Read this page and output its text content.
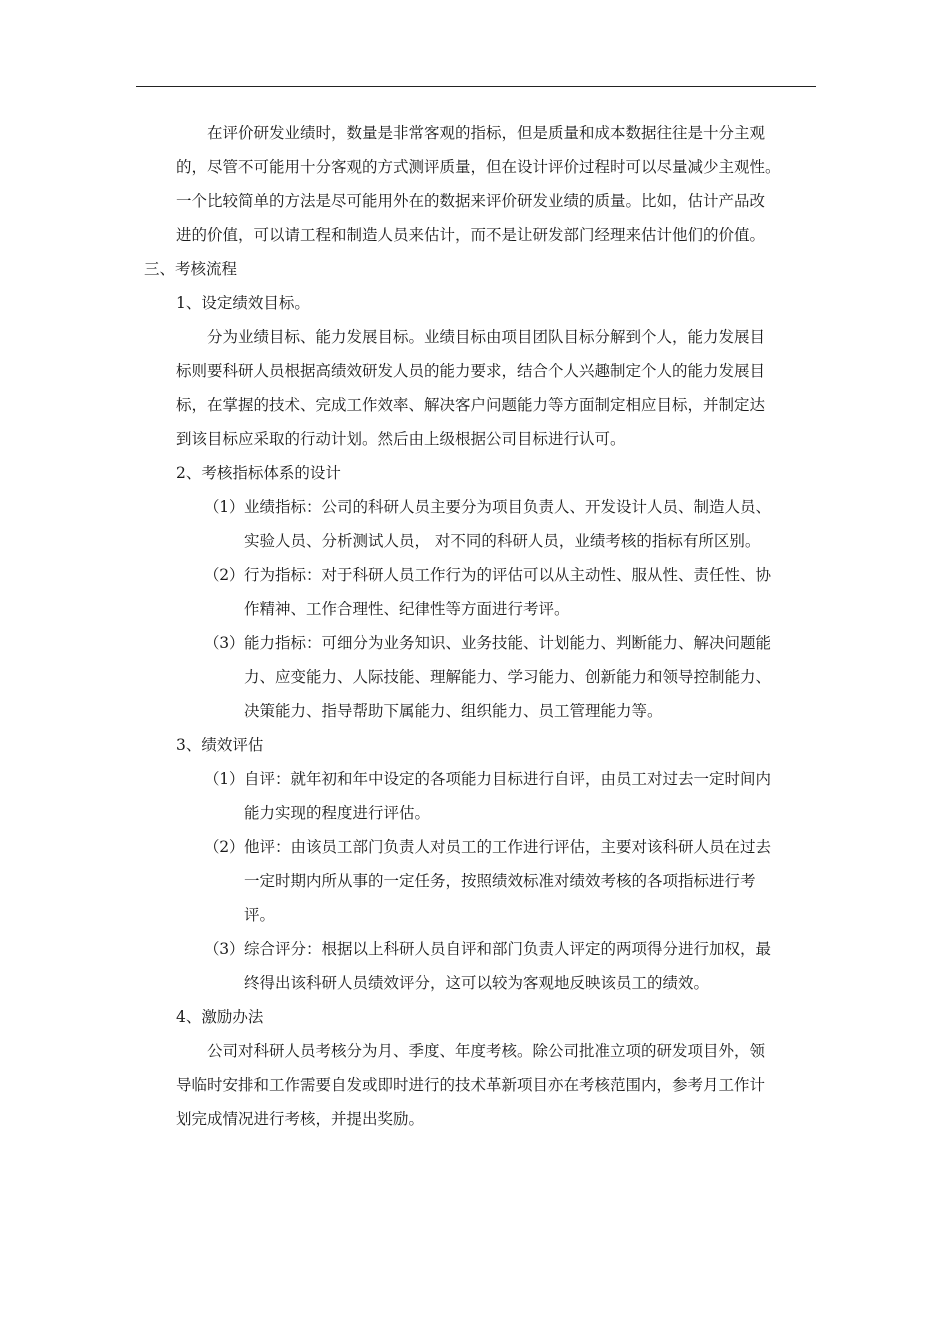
　　在评价研发业绩时，数量是非常客观的指标，但是质量和成本数据往往是十分主观
的，尽管不可能用十分客观的方式测评质量，但在设计评价过程时可以尽量减少主观性。
一个比较简单的方法是尽可能用外在的数据来评价研发业绩的质量。比如，估计产品改
进的价值，可以请工程和制造人员来估计，而不是让研发部门经理来估计他们的价值。
三、考核流程
1、设定绩效目标。
　　分为业绩目标、能力发展目标。业绩目标由项目团队目标分解到个人，能力发展目
标则要科研人员根据高绩效研发人员的能力要求，结合个人兴趣制定个人的能力发展目
标，在掌握的技术、完成工作效率、解决客户问题能力等方面制定相应目标，并制定达
到该目标应采取的行动计划。然后由上级根据公司目标进行认可。
2、考核指标体系的设计
（1） 业绩指标：公司的科研人员主要分为项目负责人、开发设计人员、制造人员、
实验人员、分析测试人员， 对不同的科研人员，业绩考核的指标有所区别。
（2） 行为指标：对于科研人员工作行为的评估可以从主动性、服从性、责任性、协
作精神、工作合理性、纪律性等方面进行考评。
（3） 能力指标：可细分为业务知识、业务技能、计划能力、判断能力、解决问题能
力、应变能力、人际技能、理解能力、学习能力、创新能力和领导控制能力、
决策能力、指导帮助下属能力、组织能力、员工管理能力等。
3、绩效评估
（1） 自评：就年初和年中设定的各项能力目标进行自评，由员工对过去一定时间内
能力实现的程度进行评估。
（2） 他评：由该员工部门负责人对员工的工作进行评估，主要对该科研人员在过去
一定时期内所从事的一定任务，按照绩效标准对绩效考核的各项指标进行考
评。
（3） 综合评分：根据以上科研人员自评和部门负责人评定的两项得分进行加权，最
终得出该科研人员绩效评分，这可以较为客观地反映该员工的绩效。
4、激励办法
　　公司对科研人员考核分为月、季度、年度考核。除公司批准立项的研发项目外，领
导临时安排和工作需要自发或即时进行的技术革新项目亦在考核范围内，参考月工作计
划完成情况进行考核，并提出奖励。
